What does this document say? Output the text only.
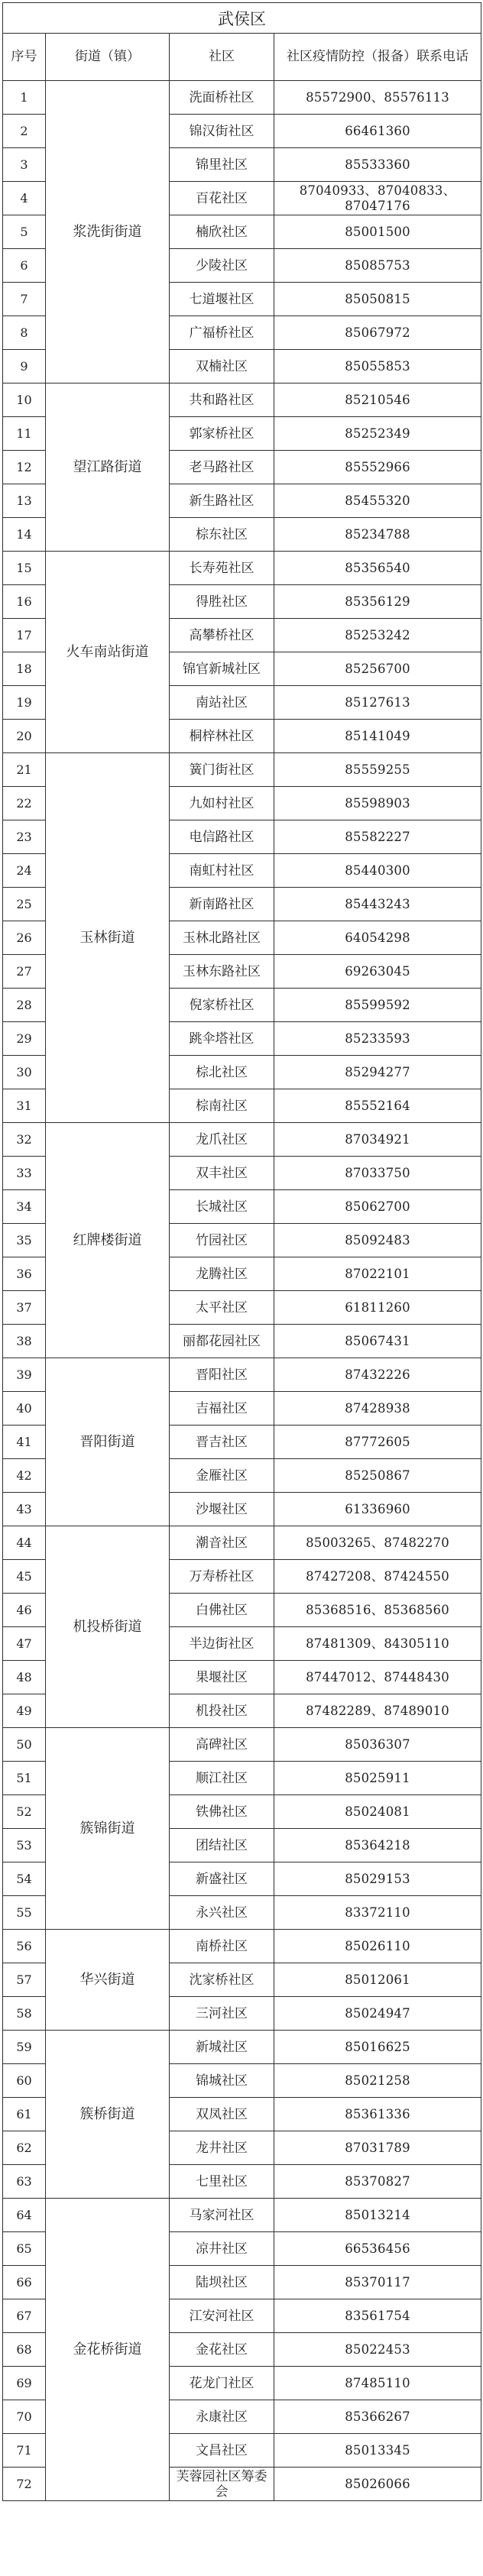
武侯区			
序号	街道（镇）	社区	社区疫情防控（报备）联系电话
1	浆洗街街道	洗面桥社区	85572900、85576113
2		锦汉街社区	66461360
3		锦里社区	85533360
4		百花社区	87040933、87040833、87047176
5		楠欣社区	85001500
6		少陵社区	85085753
7		七道堰社区	85050815
8		广福桥社区	85067972
9		双楠社区	85055853
10	望江路街道	共和路社区	85210546
11		郭家桥社区	85252349
12		老马路社区	85552966
13		新生路社区	85455320
14		棕东社区	85234788
15	火车南站街道	长寿苑社区	85356540
16		得胜社区	85356129
17		高攀桥社区	85253242
18		锦官新城社区	85256700
19		南站社区	85127613
20		桐梓林社区	85141049
21	玉林街道	簧门街社区	85559255
22		九如村社区	85598903
23		电信路社区	85582227
24		南虹村社区	85440300
25		新南路社区	85443243
26		玉林北路社区	64054298
27		玉林东路社区	69263045
28		倪家桥社区	85599592
29		跳伞塔社区	85233593
30		棕北社区	85294277
31		棕南社区	85552164
32	红牌楼街道	龙爪社区	87034921
33		双丰社区	87033750
34		长城社区	85062700
35		竹园社区	85092483
36		龙腾社区	87022101
37		太平社区	61811260
38		丽都花园社区	85067431
39	晋阳街道	晋阳社区	87432226
40		吉福社区	87428938
41		晋吉社区	87772605
42		金雁社区	85250867
43		沙堰社区	61336960
44	机投桥街道	潮音社区	85003265、87482270
45		万寿桥社区	87427208、87424550
46		白佛社区	85368516、85368560
47		半边街社区	87481309、84305110
48		果堰社区	87447012、87448430
49		机投社区	87482289、87489010
50	簇锦街道	高碑社区	85036307
51		顺江社区	85025911
52		铁佛社区	85024081
53		团结社区	85364218
54		新盛社区	85029153
55		永兴社区	83372110
56	华兴街道	南桥社区	85026110
57		沈家桥社区	85012061
58		三河社区	85024947
59	簇桥街道	新城社区	85016625
60		锦城社区	85021258
61		双凤社区	85361336
62		龙井社区	87031789
63		七里社区	85370827
64	金花桥街道	马家河社区	85013214
65		凉井社区	66536456
66		陆坝社区	85370117
67		江安河社区	83561754
68		金花社区	85022453
69		花龙门社区	87485110
70		永康社区	85366267
71		文昌社区	85013345
72		芙蓉园社区筹委会	85026066
